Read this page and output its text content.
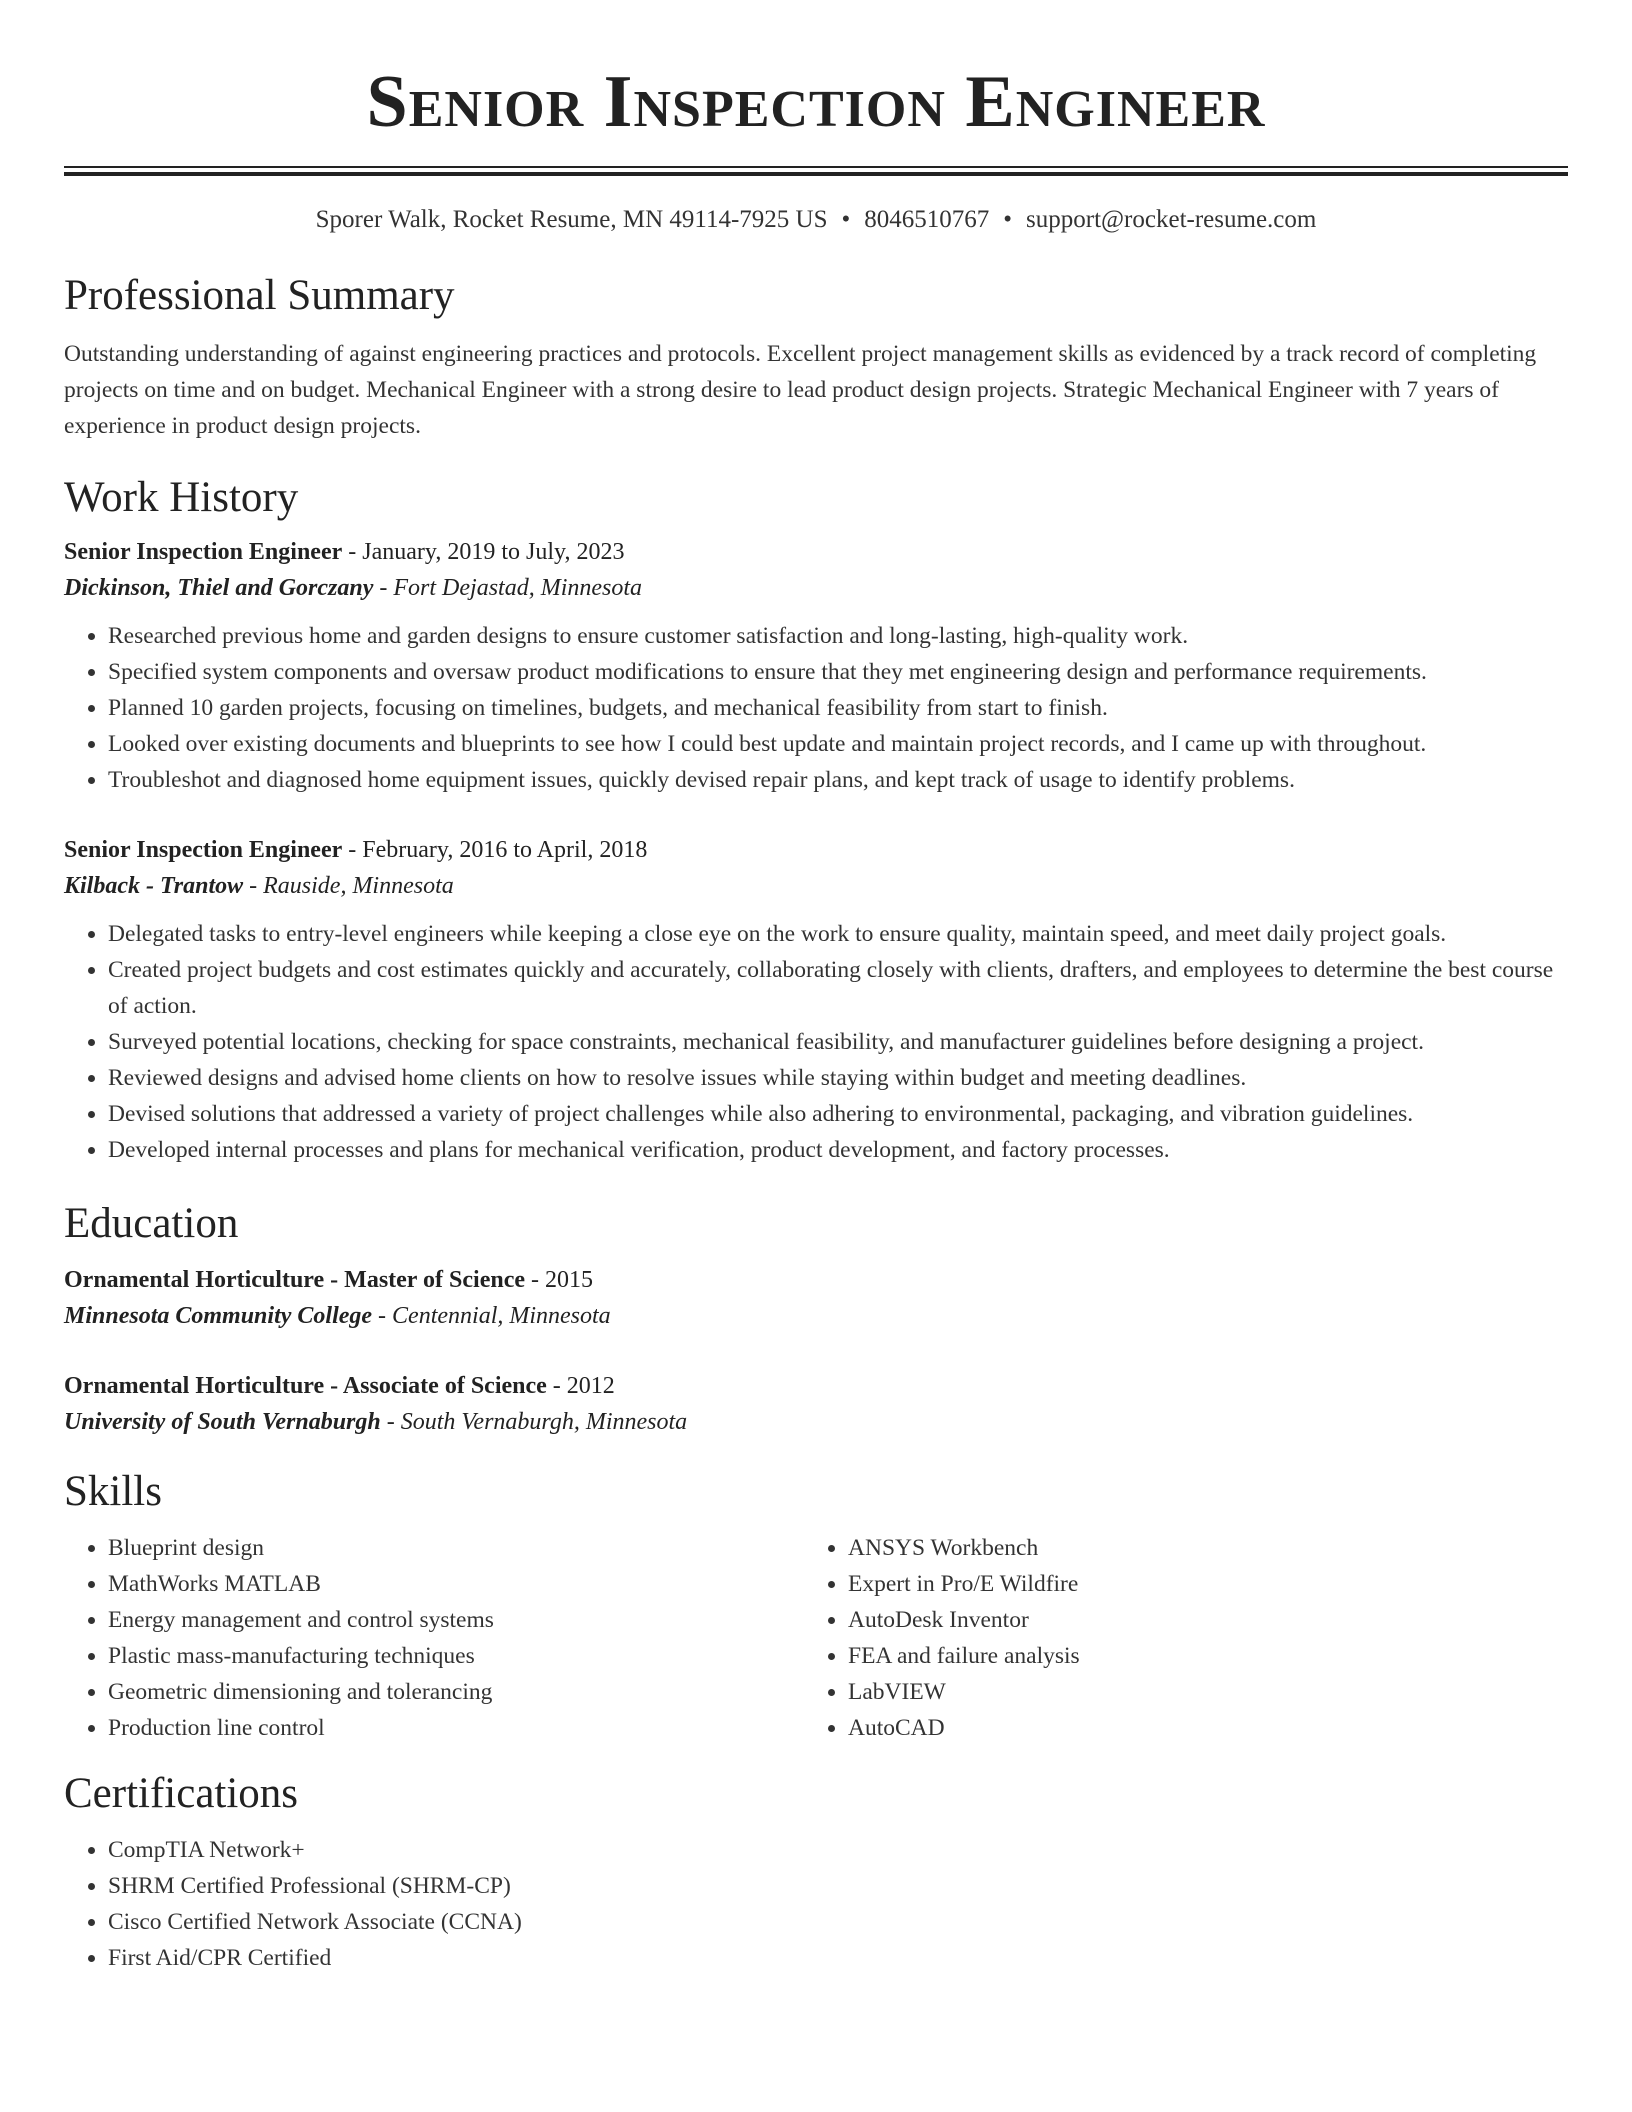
Senior Inspection Engineer
Sporer Walk, Rocket Resume, MN 49114-7925 US • 8046510767 • support@rocket-resume.com
Professional Summary

Outstanding understanding of against engineering practices and protocols. Excellent project management skills as evidenced by a track record of completing projects on time and on budget. Mechanical Engineer with a strong desire to lead product design projects. Strategic Mechanical Engineer with 7 years of experience in product design projects.

Work History
Senior Inspection Engineer - January, 2019 to July, 2023
Dickinson, Thiel and Gorczany - Fort Dejastad, Minnesota
• Researched previous home and garden designs to ensure customer satisfaction and long-lasting, high-quality work.
• Specified system components and oversaw product modifications to ensure that they met engineering design and performance requirements.
• Planned 10 garden projects, focusing on timelines, budgets, and mechanical feasibility from start to finish.
• Looked over existing documents and blueprints to see how I could best update and maintain project records, and I came up with throughout.
• Troubleshot and diagnosed home equipment issues, quickly devised repair plans, and kept track of usage to identify problems.
Senior Inspection Engineer - February, 2016 to April, 2018
Kilback - Trantow - Rauside, Minnesota
• Delegated tasks to entry-level engineers while keeping a close eye on the work to ensure quality, maintain speed, and meet daily project goals.
• Created project budgets and cost estimates quickly and accurately, collaborating closely with clients, drafters, and employees to determine the best course of action.
• Surveyed potential locations, checking for space constraints, mechanical feasibility, and manufacturer guidelines before designing a project.
• Reviewed designs and advised home clients on how to resolve issues while staying within budget and meeting deadlines.
• Devised solutions that addressed a variety of project challenges while also adhering to environmental, packaging, and vibration guidelines.
• Developed internal processes and plans for mechanical verification, product development, and factory processes.
Education
Ornamental Horticulture - Master of Science - 2015
Minnesota Community College - Centennial, Minnesota
Ornamental Horticulture - Associate of Science - 2012
University of South Vernaburgh - South Vernaburgh, Minnesota
Skills
• Blueprint design
• MathWorks MATLAB
• Energy management and control systems
• Plastic mass-manufacturing techniques
• Geometric dimensioning and tolerancing
• Production line control
• ANSYS Workbench
• Expert in Pro/E Wildfire
• AutoDesk Inventor
• FEA and failure analysis
• LabVIEW
• AutoCAD
Certifications
• CompTIA Network+
• SHRM Certified Professional (SHRM-CP)
• Cisco Certified Network Associate (CCNA)
• First Aid/CPR Certified
